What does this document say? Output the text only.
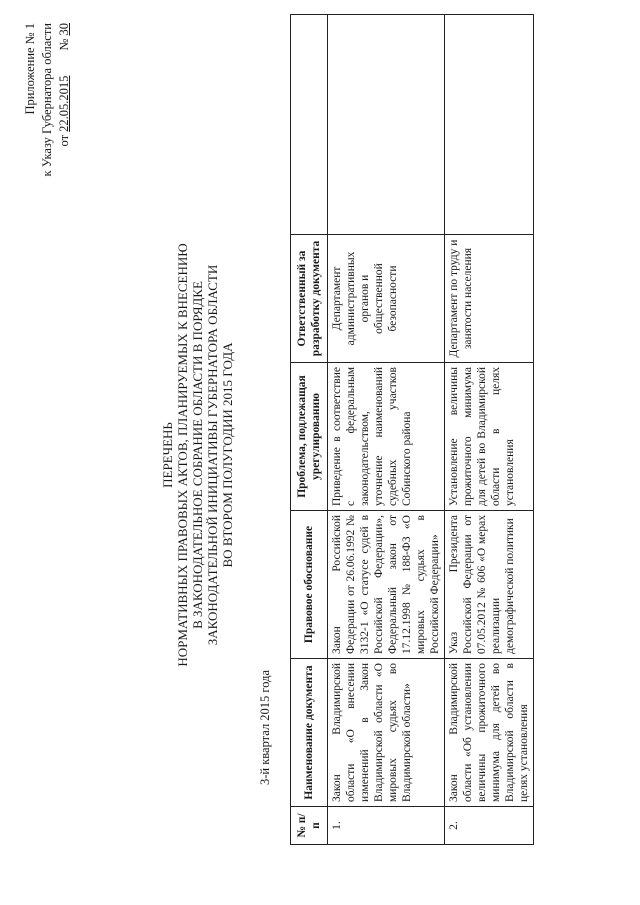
Приложение № 1 к Указу Губернатора области от 22.05.2015        № 30
ПЕРЕЧЕНЬ НОРМАТИВНЫХ ПРАВОВЫХ АКТОВ, ПЛАНИРУЕМЫХ К ВНЕСЕНИЮ В ЗАКОНОДАТЕЛЬНОЕ СОБРАНИЕ ОБЛАСТИ В ПОРЯДКЕ ЗАКОНОДАТЕЛЬНОЙ ИНИЦИАТИВЫ ГУБЕРНАТОРА ОБЛАСТИ ВО ВТОРОМ ПОЛУГОДИИ 2015 ГОДА
3-й квартал 2015 года
№ п/п	Наименование документа	Правовое обоснование	Проблема, подлежащая урегулированию	Ответственный за разработку документа	
1.	Закон Владимирской области «О внесении изменений в Закон Владимирской области «О мировых судьях во Владимирской области»	Закон Российской Федерации от 26.06.1992 № 3132-1 «О статусе судей в Российской Федерации», Федеральный закон от 17.12.1998 № 188-ФЗ «О мировых судьях в Российской Федерации»	Приведение в соответствие с федеральным законодательством, уточнение наименований судебных участков Собинского района	Департамент административных органов и общественной безопасности	
2.	Закон Владимирской области «Об установлении величины прожиточного минимума для детей во Владимирской области в целях установления	Указ Президента Российской Федерации от 07.05.2012 № 606 «О мерах реализации демографической политики	Установление величины прожиточного минимума для детей во Владимирской области в целях установления	Департамент по труду и занятости населения	
